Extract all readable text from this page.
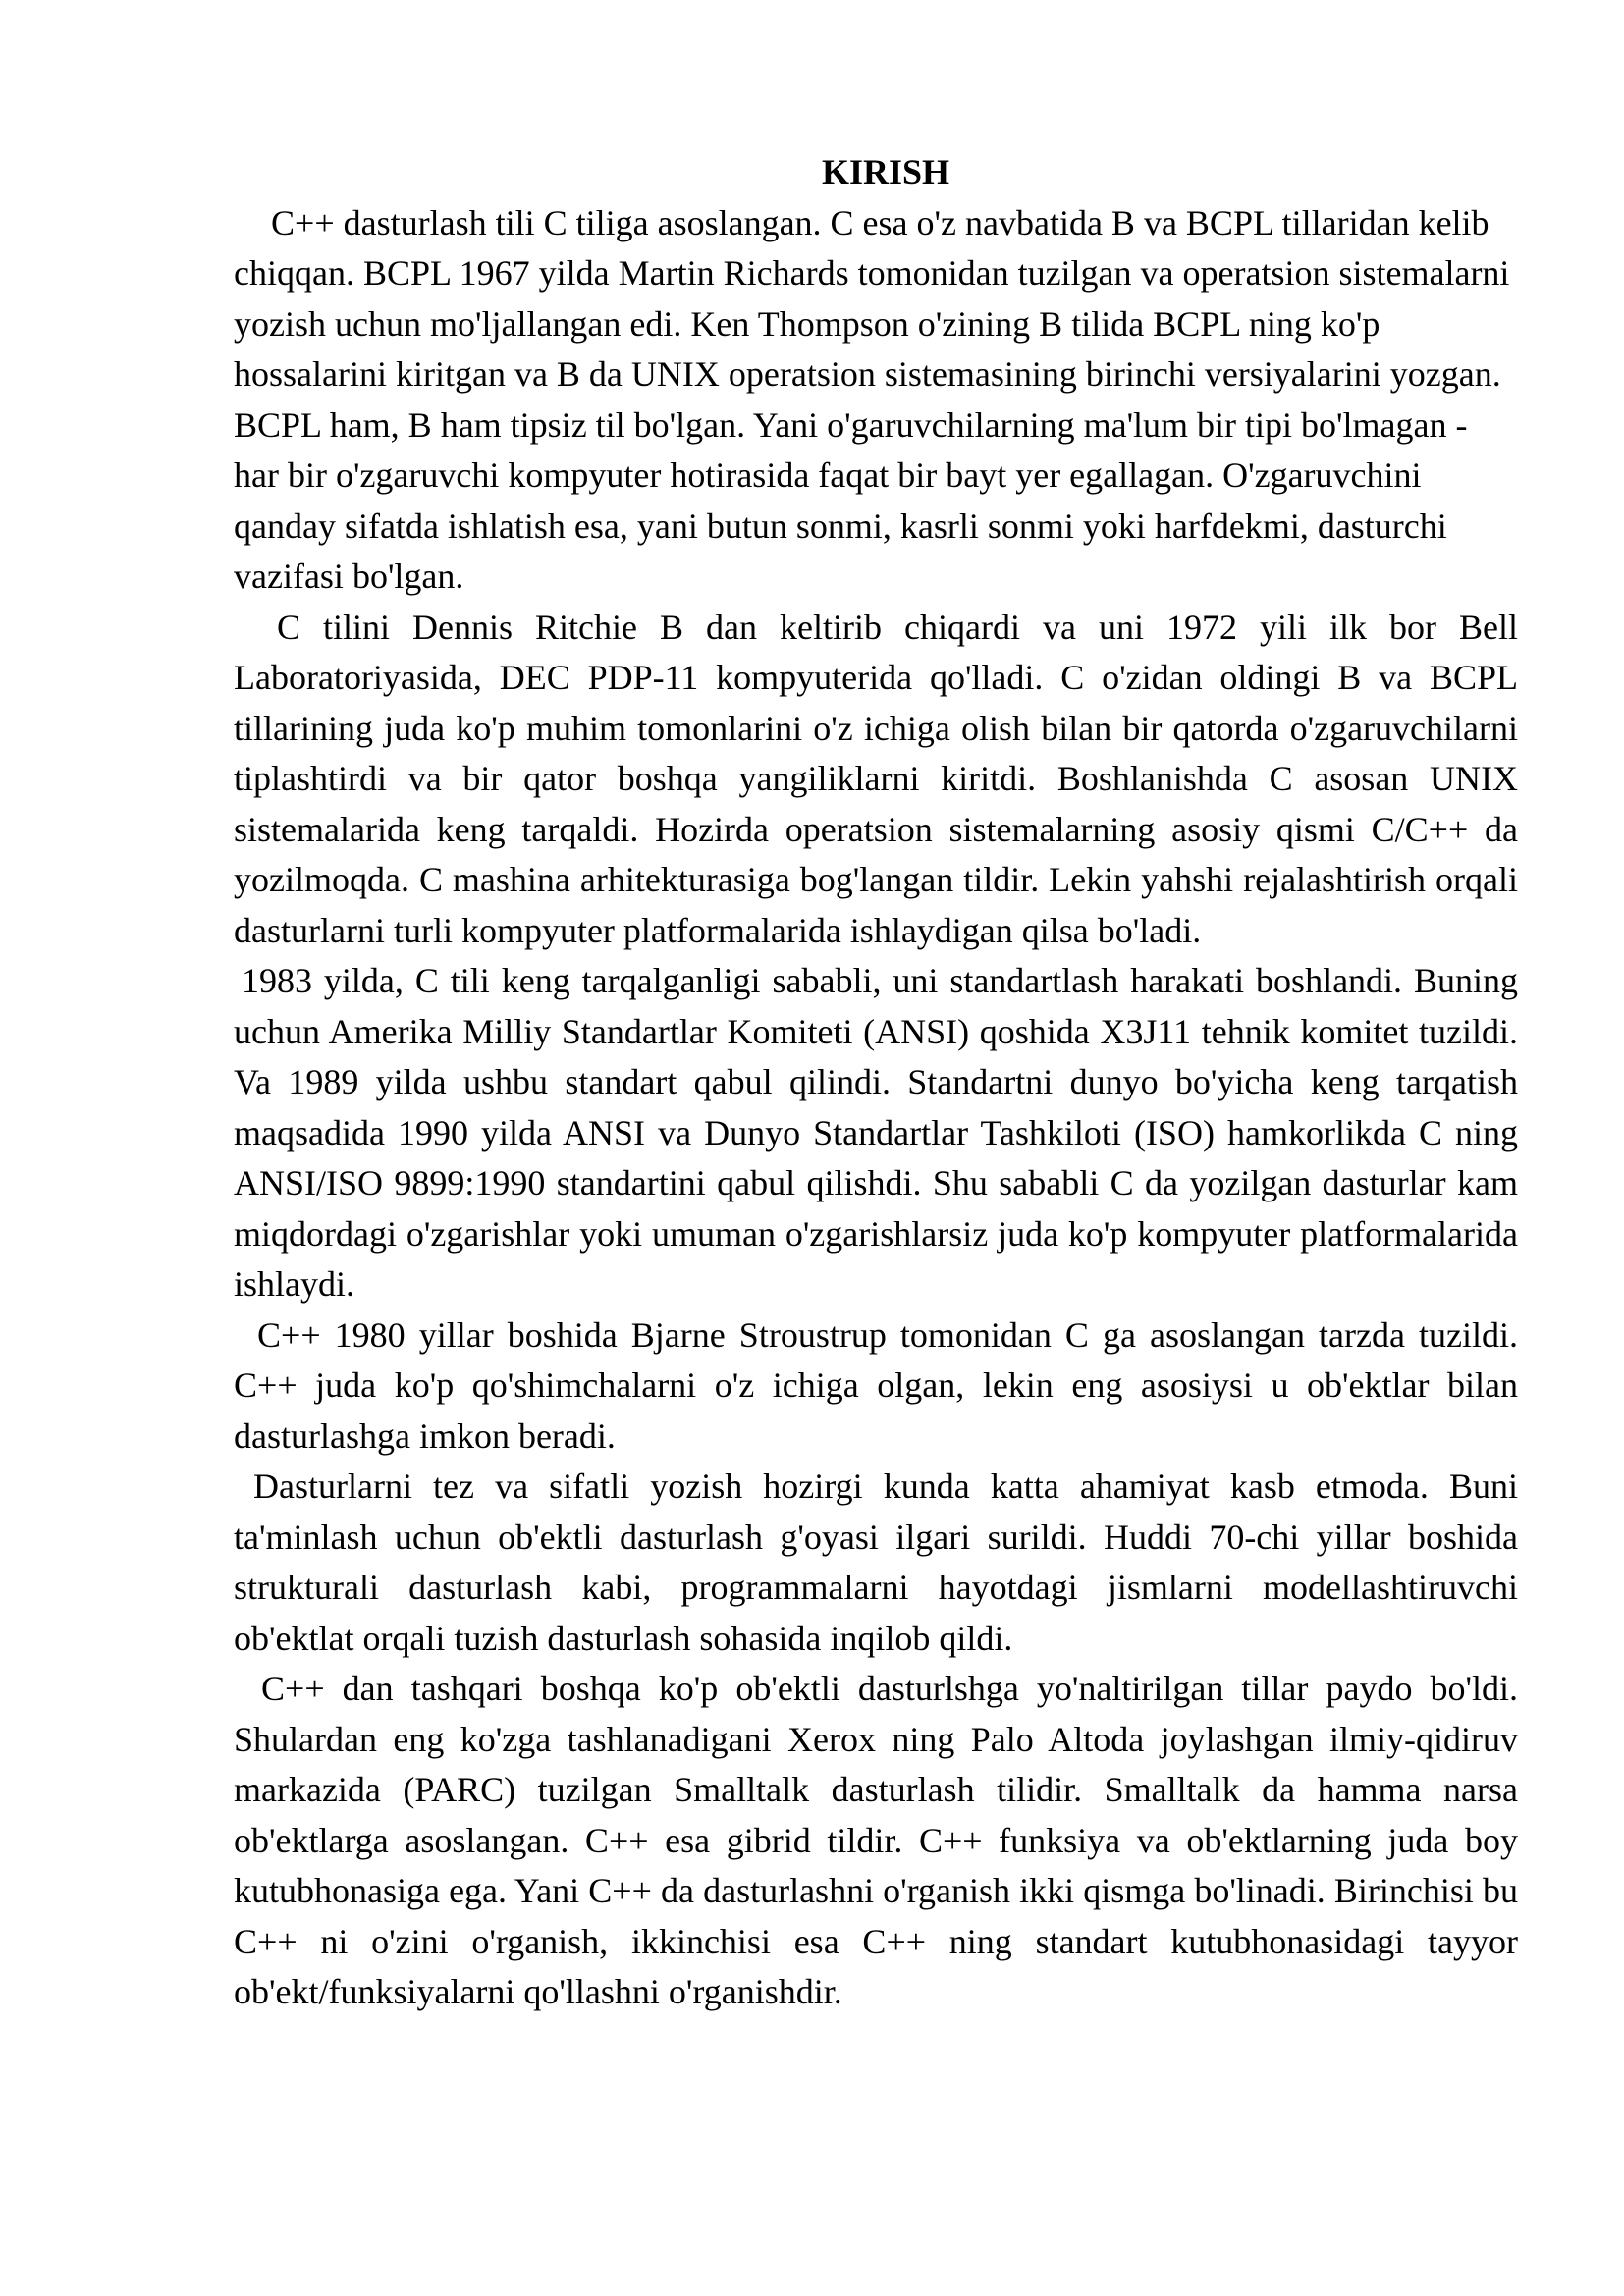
KIRISH

C++ dasturlash tili C tiliga asoslangan. C esa o'z navbatida B va BCPL tillaridan kelib chiqqan. BCPL 1967 yilda Martin Richards tomonidan tuzilgan va operatsion sistemalarni yozish uchun mo'ljallangan edi. Ken Thompson o'zining B tilida BCPL ning ko'p hossalarini kiritgan va B da UNIX operatsion sistemasining birinchi versiyalarini yozgan. BCPL ham, B ham tipsiz til bo'lgan. Yani o'garuvchilarning ma'lum bir tipi bo'lmagan - har bir o'zgaruvchi kompyuter hotirasida faqat bir bayt yer egallagan. O'zgaruvchini qanday sifatda ishlatish esa, yani butun sonmi, kasrli sonmi yoki harfdekmi, dasturchi vazifasi bo'lgan.

C tilini Dennis Ritchie B dan keltirib chiqardi va uni 1972 yili ilk bor Bell Laboratoriyasida, DEC PDP-11 kompyuterida qo'lladi. C o'zidan oldingi B va BCPL tillarining juda ko'p muhim tomonlarini o'z ichiga olish bilan bir qatorda o'zgaruvchilarni tiplashtirdi va bir qator boshqa yangiliklarni kiritdi. Boshlanishda C asosan UNIX sistemalarida keng tarqaldi. Hozirda operatsion sistemalarning asosiy qismi C/C++ da yozilmoqda. C mashina arhitekturasiga bog'langan tildir. Lekin yahshi rejalashtirish orqali dasturlarni turli kompyuter platformalarida ishlaydigan qilsa bo'ladi.

1983 yilda, C tili keng tarqalganligi sababli, uni standartlash harakati boshlandi. Buning uchun Amerika Milliy Standartlar Komiteti (ANSI) qoshida X3J11 tehnik komitet tuzildi. Va 1989 yilda ushbu standart qabul qilindi. Standartni dunyo bo'yicha keng tarqatish maqsadida 1990 yilda ANSI va Dunyo Standartlar Tashkiloti (ISO) hamkorlikda C ning ANSI/ISO 9899:1990 standartini qabul qilishdi. Shu sababli C da yozilgan dasturlar kam miqdordagi o'zgarishlar yoki umuman o'zgarishlarsiz juda ko'p kompyuter platformalarida ishlaydi.

C++ 1980 yillar boshida Bjarne Stroustrup tomonidan C ga asoslangan tarzda tuzildi. C++ juda ko'p qo'shimchalarni o'z ichiga olgan, lekin eng asosiysi u ob'ektlar bilan dasturlashga imkon beradi.

Dasturlarni tez va sifatli yozish hozirgi kunda katta ahamiyat kasb etmoda. Buni ta'minlash uchun ob'ektli dasturlash g'oyasi ilgari surildi. Huddi 70-chi yillar boshida strukturali dasturlash kabi, programmalarni hayotdagi jismlarni modellashtiruvchi ob'ektlat orqali tuzish dasturlash sohasida inqilob qildi.

C++ dan tashqari boshqa ko'p ob'ektli dasturlshga yo'naltirilgan tillar paydo bo'ldi. Shulardan eng ko'zga tashlanadigani Xerox ning Palo Altoda joylashgan ilmiy-qidiruv markazida (PARC) tuzilgan Smalltalk dasturlash tilidir. Smalltalk da hamma narsa ob'ektlarga asoslangan. C++ esa gibrid tildir. C++ funksiya va ob'ektlarning juda boy kutubhonasiga ega. Yani C++ da dasturlashni o'rganish ikki qismga bo'linadi. Birinchisi bu C++ ni o'zini o'rganish, ikkinchisi esa C++ ning standart kutubhonasidagi tayyor ob'ekt/funksiyalarni qo'llashni o'rganishdir.
